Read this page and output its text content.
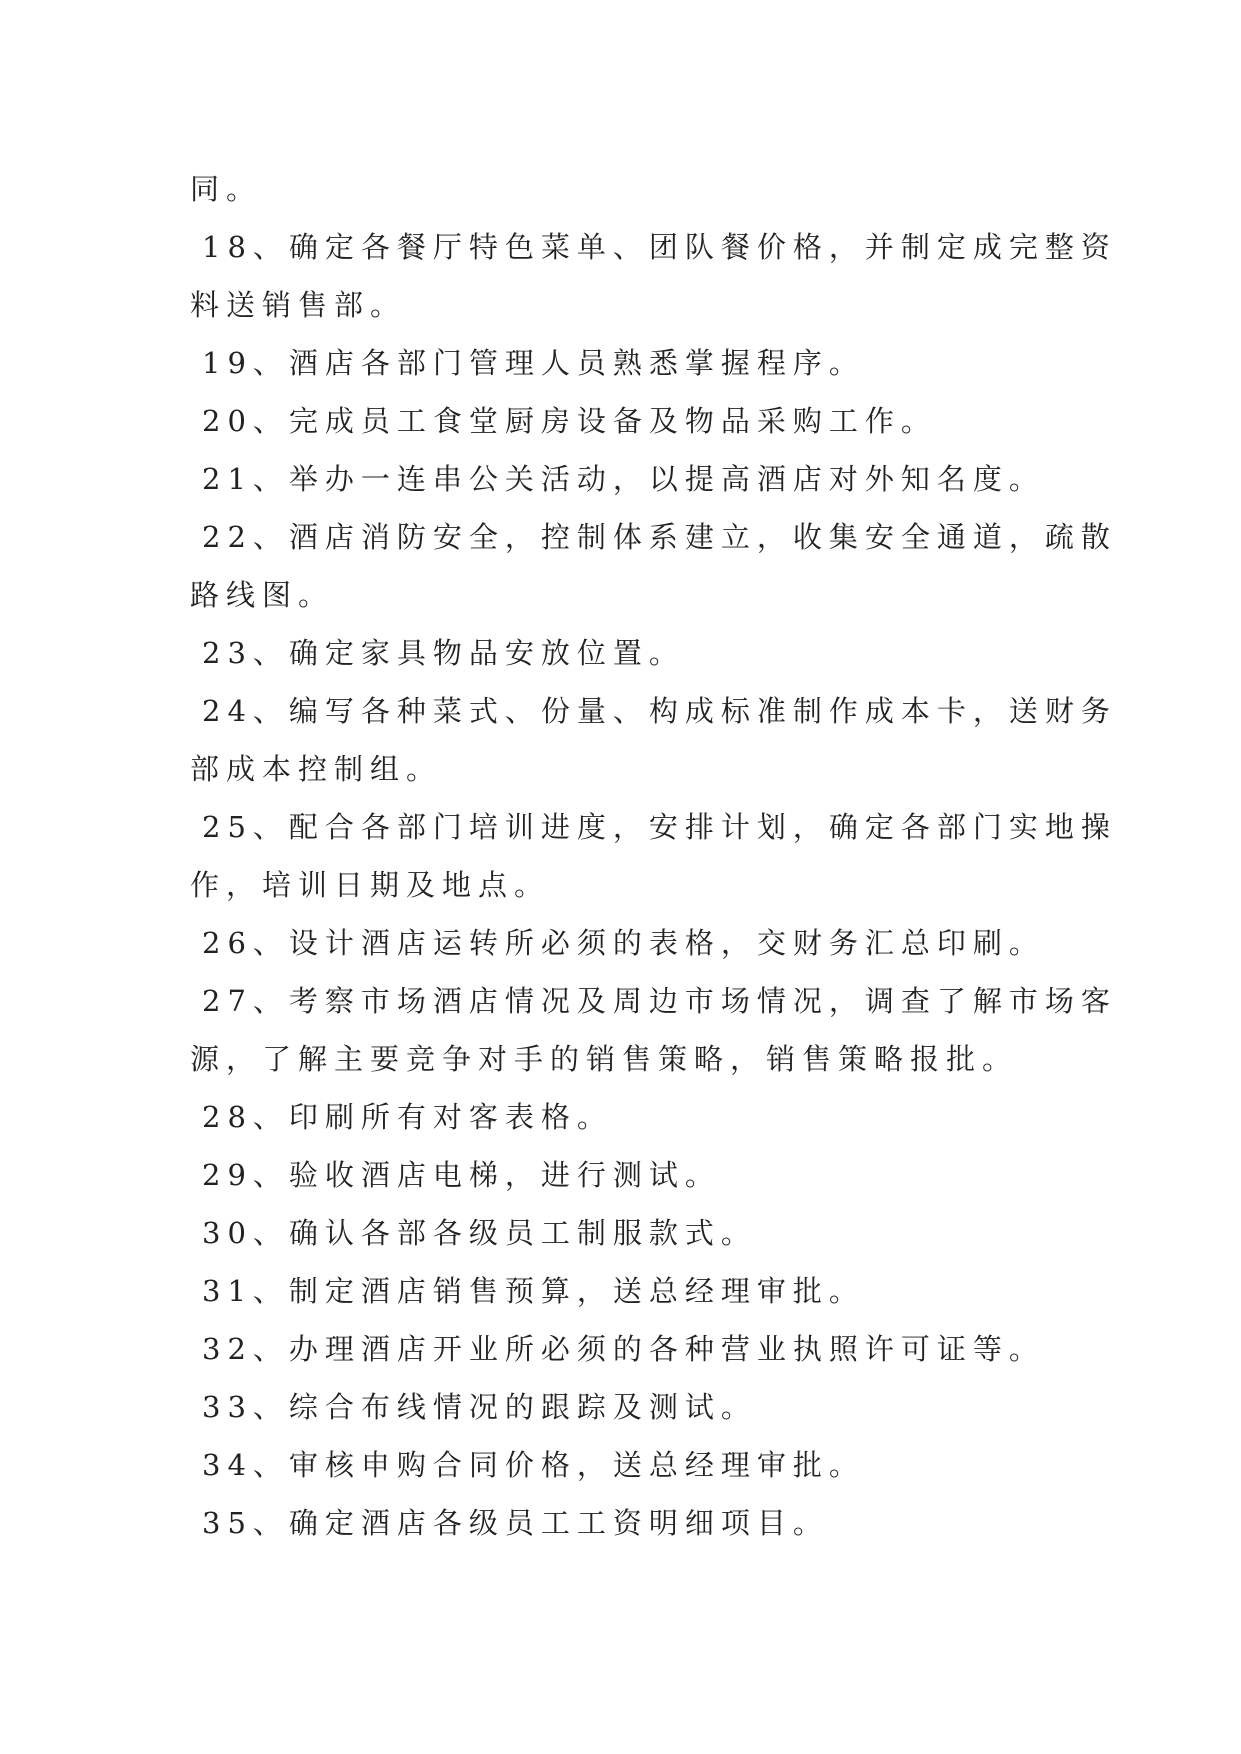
同。
18、确定各餐厅特色菜单、团队餐价格，并制定成完整资
料送销售部。
19、酒店各部门管理人员熟悉掌握程序。
20、完成员工食堂厨房设备及物品采购工作。
21、举办一连串公关活动，以提高酒店对外知名度。
22、酒店消防安全，控制体系建立，收集安全通道，疏散
路线图。
23、确定家具物品安放位置。
24、编写各种菜式、份量、构成标准制作成本卡，送财务
部成本控制组。
25、配合各部门培训进度，安排计划，确定各部门实地操
作，培训日期及地点。
26、设计酒店运转所必须的表格，交财务汇总印刷。
27、考察市场酒店情况及周边市场情况，调查了解市场客
源，了解主要竞争对手的销售策略，销售策略报批。
28、印刷所有对客表格。
29、验收酒店电梯，进行测试。
30、确认各部各级员工制服款式。
31、制定酒店销售预算，送总经理审批。
32、办理酒店开业所必须的各种营业执照许可证等。
33、综合布线情况的跟踪及测试。
34、审核申购合同价格，送总经理审批。
35、确定酒店各级员工工资明细项目。
